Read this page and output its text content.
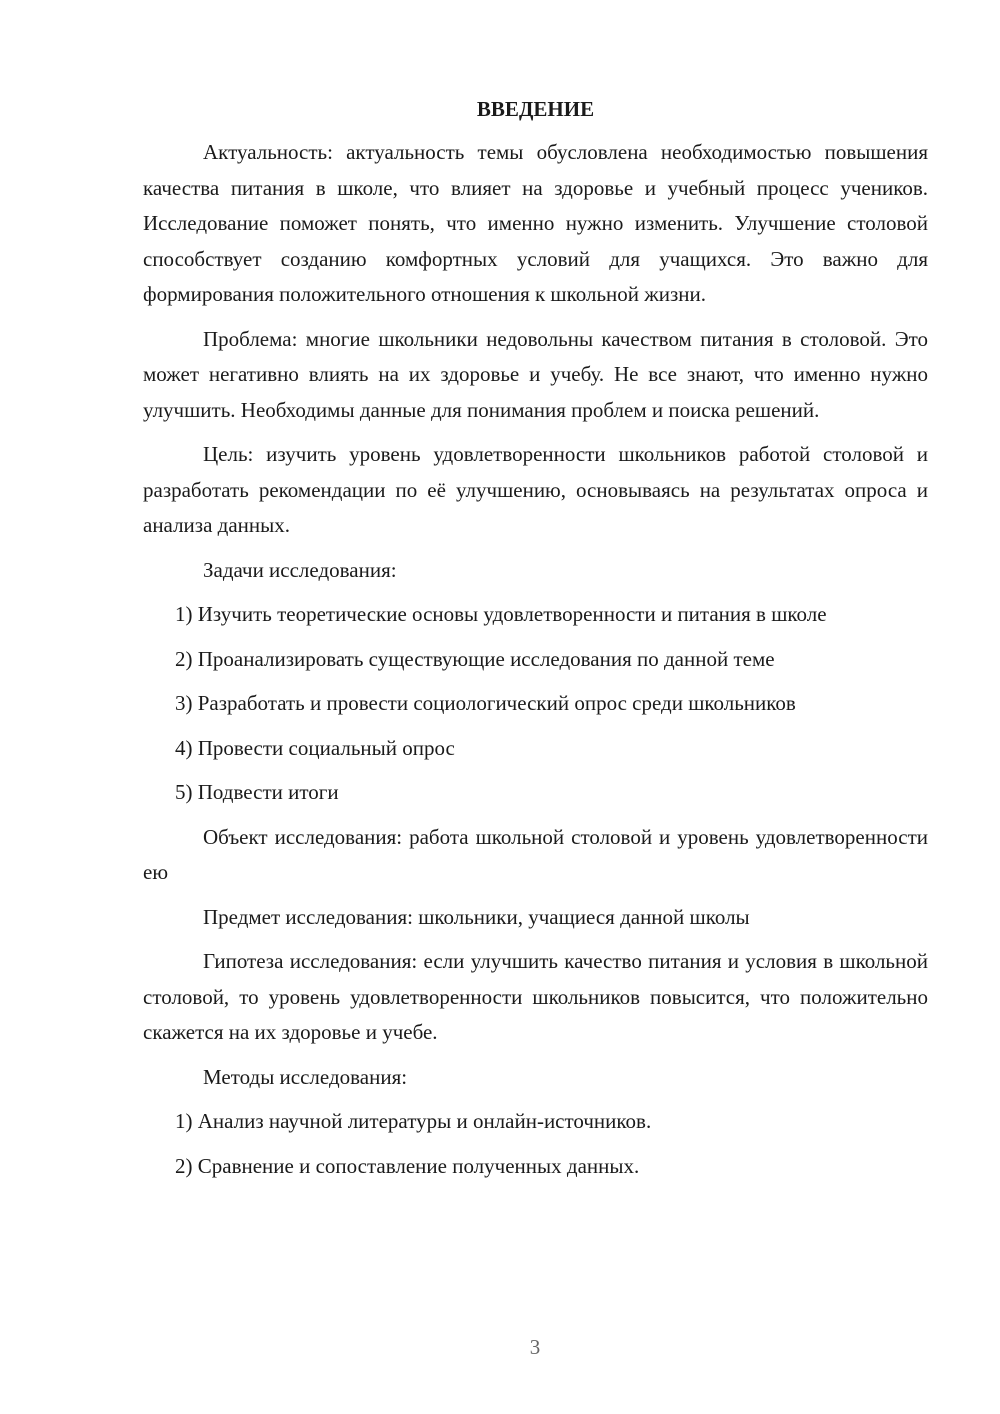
ВВЕДЕНИЕ

Актуальность: актуальность темы обусловлена необходимостью повышения качества питания в школе, что влияет на здоровье и учебный процесс учеников. Исследование поможет понять, что именно нужно изменить. Улучшение столовой способствует созданию комфортных условий для учащихся. Это важно для формирования положительного отношения к школьной жизни.

Проблема: многие школьники недовольны качеством питания в столовой. Это может негативно влиять на их здоровье и учебу. Не все знают, что именно нужно улучшить. Необходимы данные для понимания проблем и поиска решений.

Цель: изучить уровень удовлетворенности школьников работой столовой и разработать рекомендации по её улучшению, основываясь на результатах опроса и анализа данных.

Задачи исследования:

1) Изучить теоретические основы удовлетворенности и питания в школе

2) Проанализировать существующие исследования по данной теме

3) Разработать и провести социологический опрос среди школьников

4) Провести социальный опрос

5) Подвести итоги

Объект исследования: работа школьной столовой и уровень удовлетворенности ею

Предмет исследования: школьники, учащиеся данной школы

Гипотеза исследования: если улучшить качество питания и условия в школьной столовой, то уровень удовлетворенности школьников повысится, что положительно скажется на их здоровье и учебе.

Методы исследования:

1) Анализ научной литературы и онлайн-источников.

2) Сравнение и сопоставление полученных данных.

3
